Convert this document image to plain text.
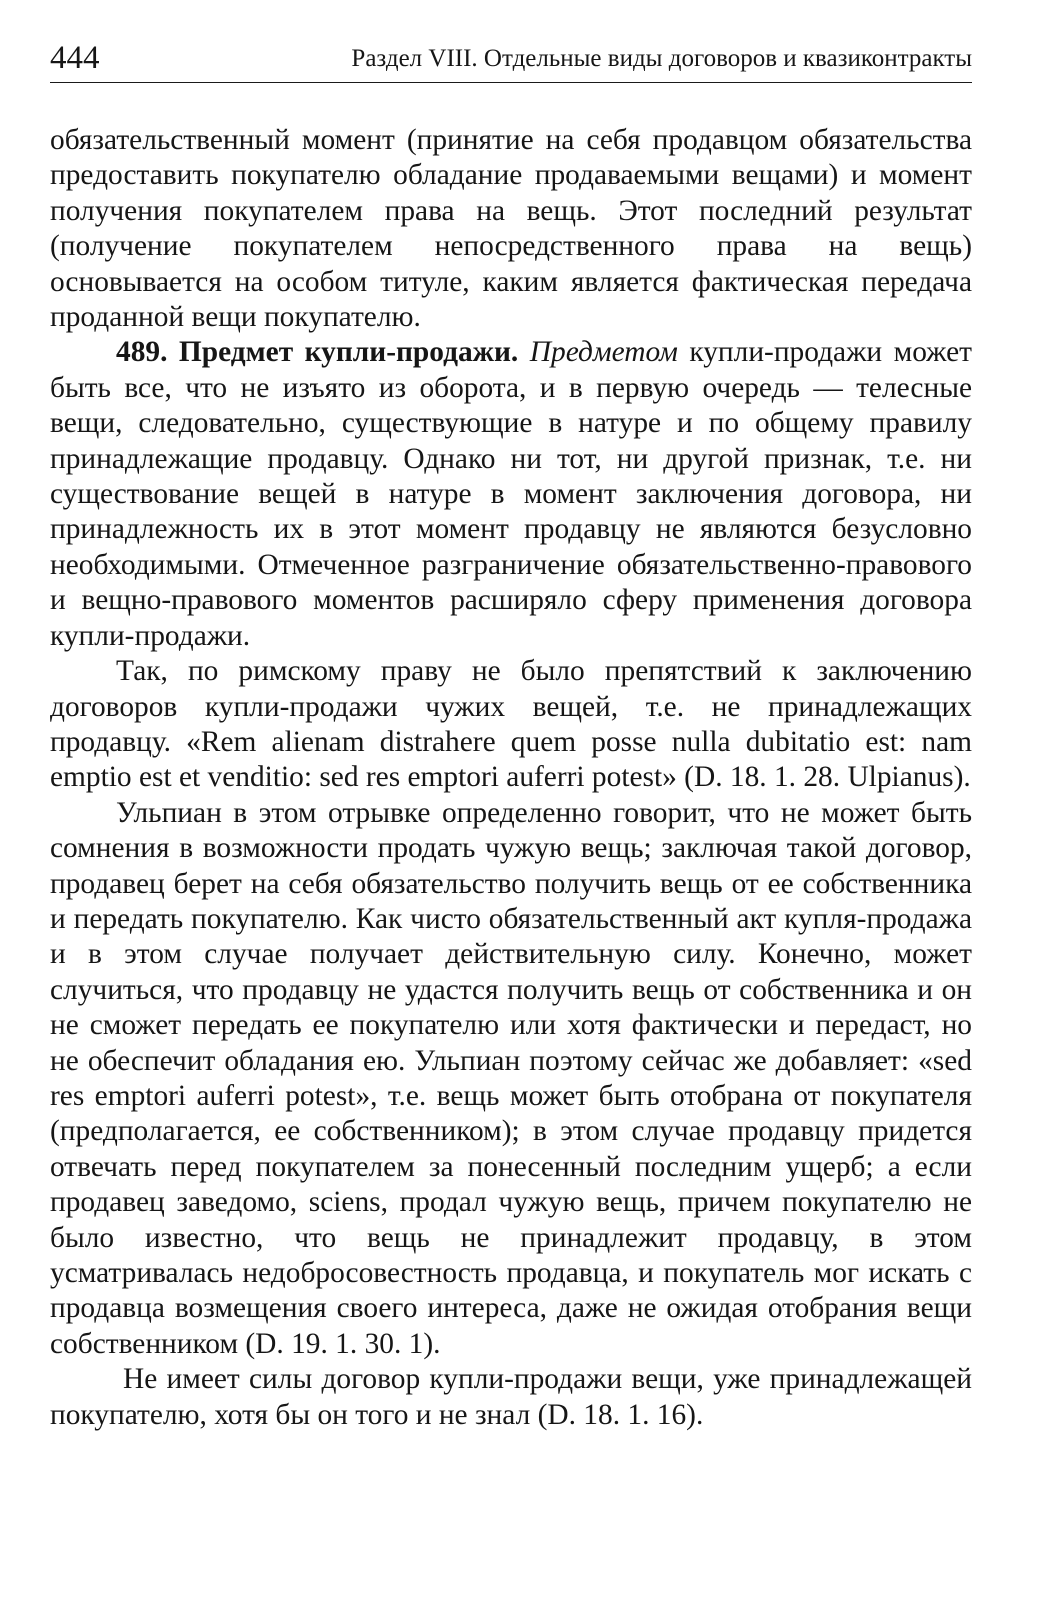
444	Раздел VIII. Отдельные виды договоров и квазиконтракты

обязательственный момент (принятие на себя продавцом обязательства предоставить покупателю обладание продаваемыми вещами) и момент получения покупателем права на вещь. Этот последний результат (получение покупателем непосредственного права на вещь) основывается на особом титуле, каким является фактическая передача проданной вещи покупателю.

489. Предмет купли-продажи. Предметом купли-продажи может быть все, что не изъято из оборота, и в первую очередь — телесные вещи, следовательно, существующие в натуре и по общему правилу принадлежащие продавцу. Однако ни тот, ни другой признак, т.е. ни существование вещей в натуре в момент заключения договора, ни принадлежность их в этот момент продавцу не являются безусловно необходимыми. Отмеченное разграничение обязательственно-правового и вещно-правового моментов расширяло сферу применения договора купли-продажи.

Так, по римскому праву не было препятствий к заключению договоров купли-продажи чужих вещей, т.е. не принадлежащих продавцу. «Rem alienam distrahere quem posse nulla dubitatio est: nam emptio est et venditio: sed res emptori auferri potest» (D. 18. 1. 28. Ulpianus).

Ульпиан в этом отрывке определенно говорит, что не может быть сомнения в возможности продать чужую вещь; заключая такой договор, продавец берет на себя обязательство получить вещь от ее собственника и передать покупателю. Как чисто обязательственный акт купля-продажа и в этом случае получает действительную силу. Конечно, может случиться, что продавцу не удастся получить вещь от собственника и он не сможет передать ее покупателю или хотя фактически и передаст, но не обеспечит обладания ею. Ульпиан поэтому сейчас же добавляет: «sed res emptori auferri potest», т.е. вещь может быть отобрана от покупателя (предполагается, ее собственником); в этом случае продавцу придется отвечать перед покупателем за понесенный последним ущерб; а если продавец заведомо, sciens, продал чужую вещь, причем покупателю не было известно, что вещь не принадлежит продавцу, в этом усматривалась недобросовестность продавца, и покупатель мог искать с продавца возмещения своего интереса, даже не ожидая отобрания вещи собственником (D. 19. 1. 30. 1).

Не имеет силы договор купли-продажи вещи, уже принадлежащей покупателю, хотя бы он того и не знал (D. 18. 1. 16).
